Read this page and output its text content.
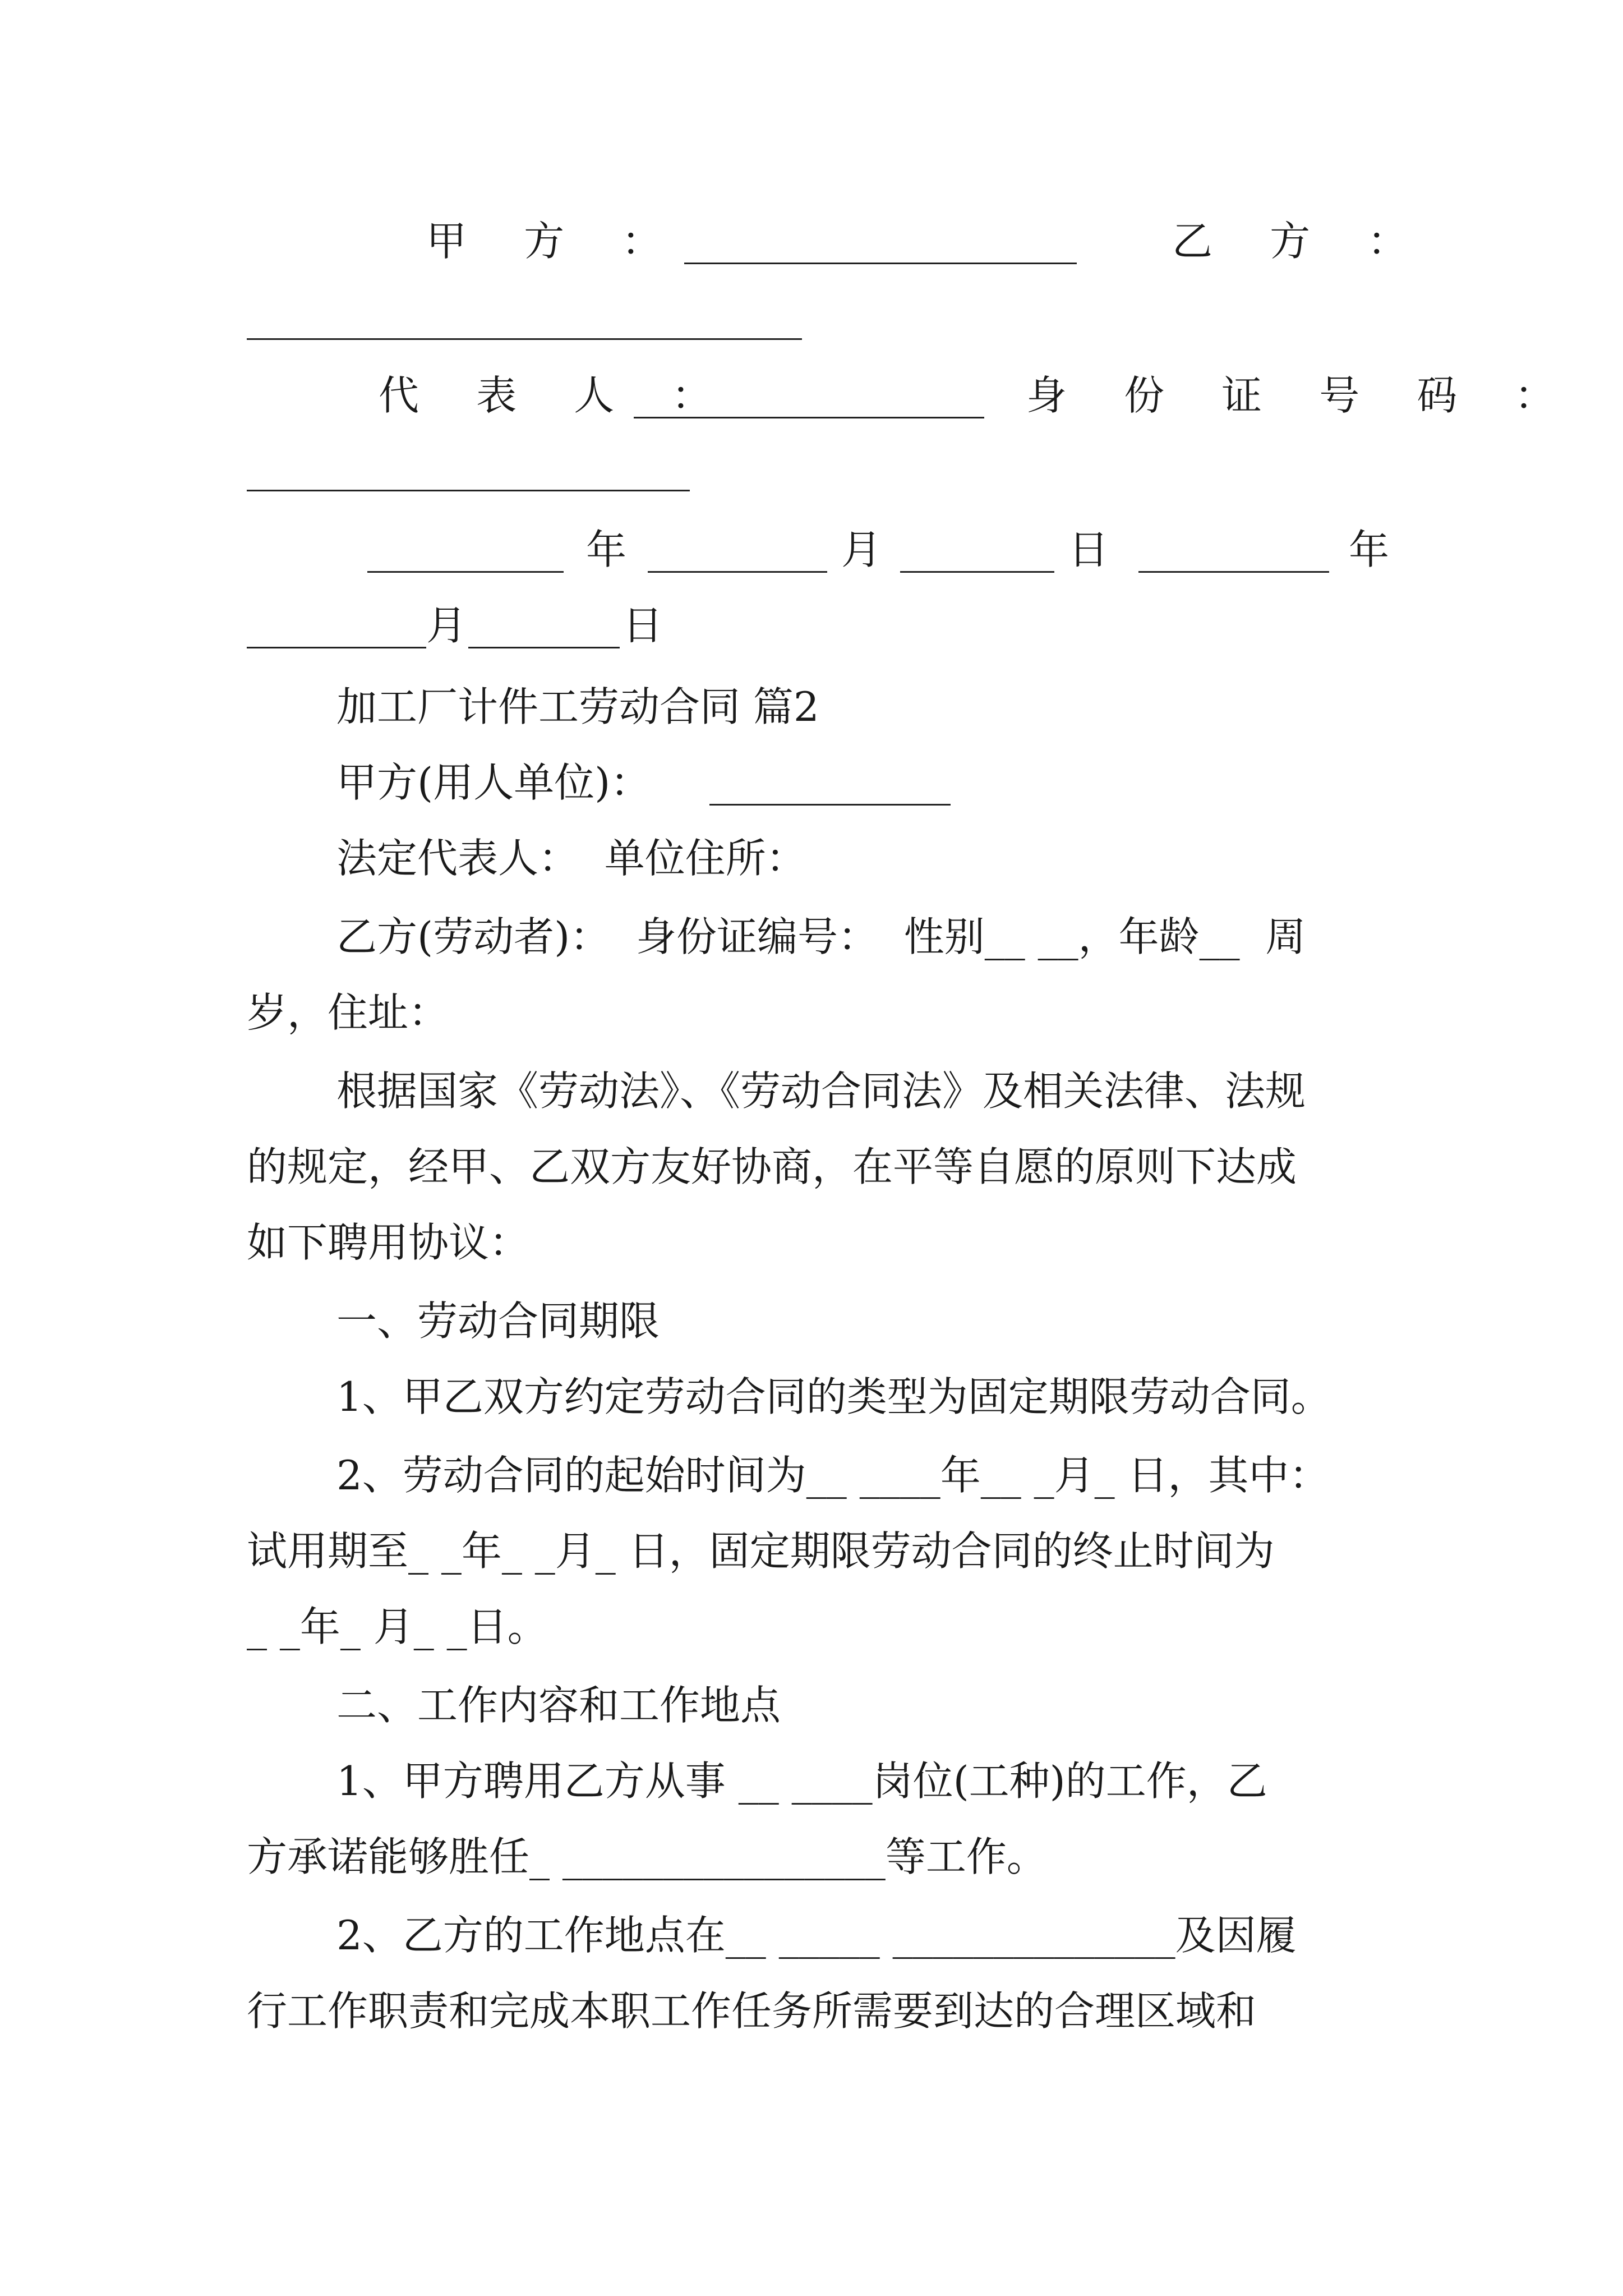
甲 方 ：	乙 方 ：
代 表 人 ：	身 份 证 号 码 ：
年	月	日	年
月	日
加工厂计件工劳动合同 篇2
甲方(用人单位)：
法定代表人：  单位住所：
乙方(劳动者)：  身份证编号：  性别__ __，年龄__  周
岁，住址：
根据国家《劳动法》、《劳动合同法》及相关法律、法规
的规定，经甲、乙双方友好协商，在平等自愿的原则下达成
如下聘用协议：
一、劳动合同期限
1、甲乙双方约定劳动合同的类型为固定期限劳动合同。
2、劳动合同的起始时间为__ ____年__ _月_ 日，其中：
试用期至_ _年_ _月_ 日，固定期限劳动合同的终止时间为
_ _年_ 月_ _日。
二、工作内容和工作地点
1、甲方聘用乙方从事 __ ____岗位(工种)的工作，乙
方承诺能够胜任_ ________________等工作。
2、乙方的工作地点在__ _____ ______________及因履
行工作职责和完成本职工作任务所需要到达的合理区域和
